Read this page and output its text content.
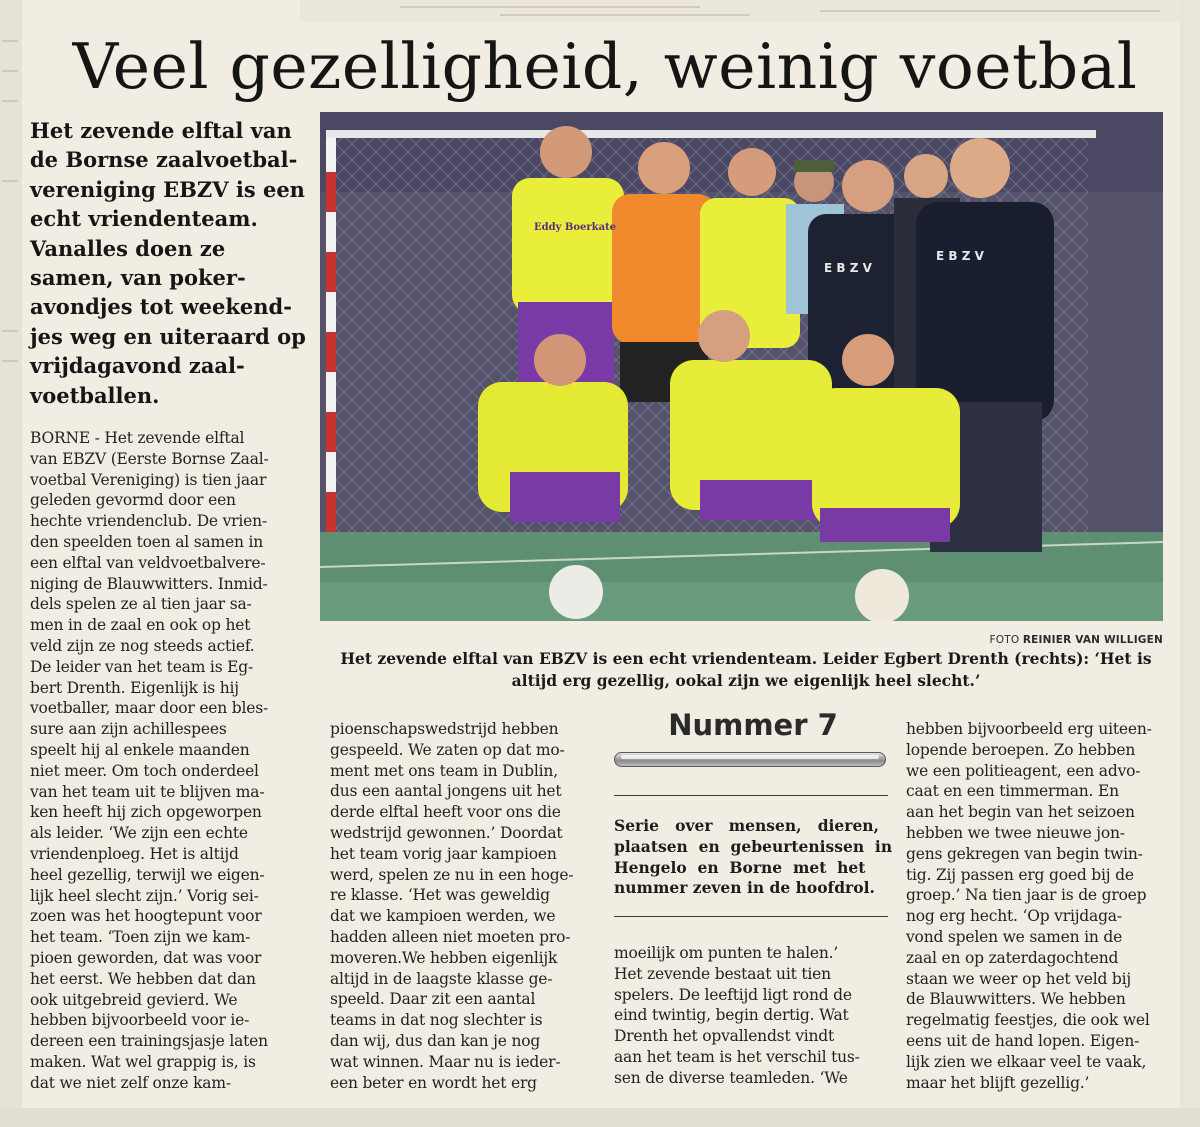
Veel gezelligheid, weinig voetbal

Het zevende elftal van de Bornse zaalvoetbalvereniging EBZV is een echt vriendenteam. Vanalles doen ze samen, van pokeravondjes tot weekendjes weg en uiteraard op vrijdagavond zaalvoetballen.

E B Z V
E B Z V
Eddy Boerkate
FOTO REINIER VAN WILLIGEN

Het zevende elftal van EBZV is een echt vriendenteam. Leider Egbert Drenth (rechts): ‘Het is altijd erg gezellig, ookal zijn we eigenlijk heel slecht.’

BORNE - Het zevende elftal
van EBZV (Eerste Bornse Zaal-
voetbal Vereniging) is tien jaar
geleden gevormd door een
hechte vriendenclub. De vrien-
den speelden toen al samen in
een elftal van veldvoetbalvere-
niging de Blauwwitters. Inmid-
dels spelen ze al tien jaar sa-
men in de zaal en ook op het
veld zijn ze nog steeds actief.
De leider van het team is Eg-
bert Drenth. Eigenlijk is hij
voetballer, maar door een bles-
sure aan zijn achillespees
speelt hij al enkele maanden
niet meer. Om toch onderdeel
van het team uit te blijven ma-
ken heeft hij zich opgeworpen
als leider. ‘We zijn een echte
vriendenploeg. Het is altijd
heel gezellig, terwijl we eigen-
lijk heel slecht zijn.’ Vorig sei-
zoen was het hoogtepunt voor
het team. ‘Toen zijn we kam-
pioen geworden, dat was voor
het eerst. We hebben dat dan
ook uitgebreid gevierd. We
hebben bijvoorbeeld voor ie-
dereen een trainingsjasje laten
maken. Wat wel grappig is, is
dat we niet zelf onze kam-
pioenschapswedstrijd hebben
gespeeld. We zaten op dat mo-
ment met ons team in Dublin,
dus een aantal jongens uit het
derde elftal heeft voor ons die
wedstrijd gewonnen.’ Doordat
het team vorig jaar kampioen
werd, spelen ze nu in een hoge-
re klasse. ‘Het was geweldig
dat we kampioen werden, we
hadden alleen niet moeten pro-
moveren.We hebben eigenlijk
altijd in de laagste klasse ge-
speeld. Daar zit een aantal
teams in dat nog slechter is
dan wij, dus dan kan je nog
wat winnen. Maar nu is ieder-
een beter en wordt het erg
Nummer 7

Serie   over   mensen,   dieren,
plaatsen  en  gebeurtenissen  in
Hengelo  en  Borne  met  het
nummer zeven in de hoofdrol.

moeilijk om punten te halen.’
Het zevende bestaat uit tien
spelers. De leeftijd ligt rond de
eind twintig, begin dertig. Wat
Drenth het opvallendst vindt
aan het team is het verschil tus-
sen de diverse teamleden. ‘We
hebben bijvoorbeeld erg uiteen-
lopende beroepen. Zo hebben
we een politieagent, een advo-
caat en een timmerman. En
aan het begin van het seizoen
hebben we twee nieuwe jon-
gens gekregen van begin twin-
tig. Zij passen erg goed bij de
groep.’ Na tien jaar is de groep
nog erg hecht. ‘Op vrijdaga-
vond spelen we samen in de
zaal en op zaterdagochtend
staan we weer op het veld bij
de Blauwwitters. We hebben
regelmatig feestjes, die ook wel
eens uit de hand lopen. Eigen-
lijk zien we elkaar veel te vaak,
maar het blijft gezellig.’
